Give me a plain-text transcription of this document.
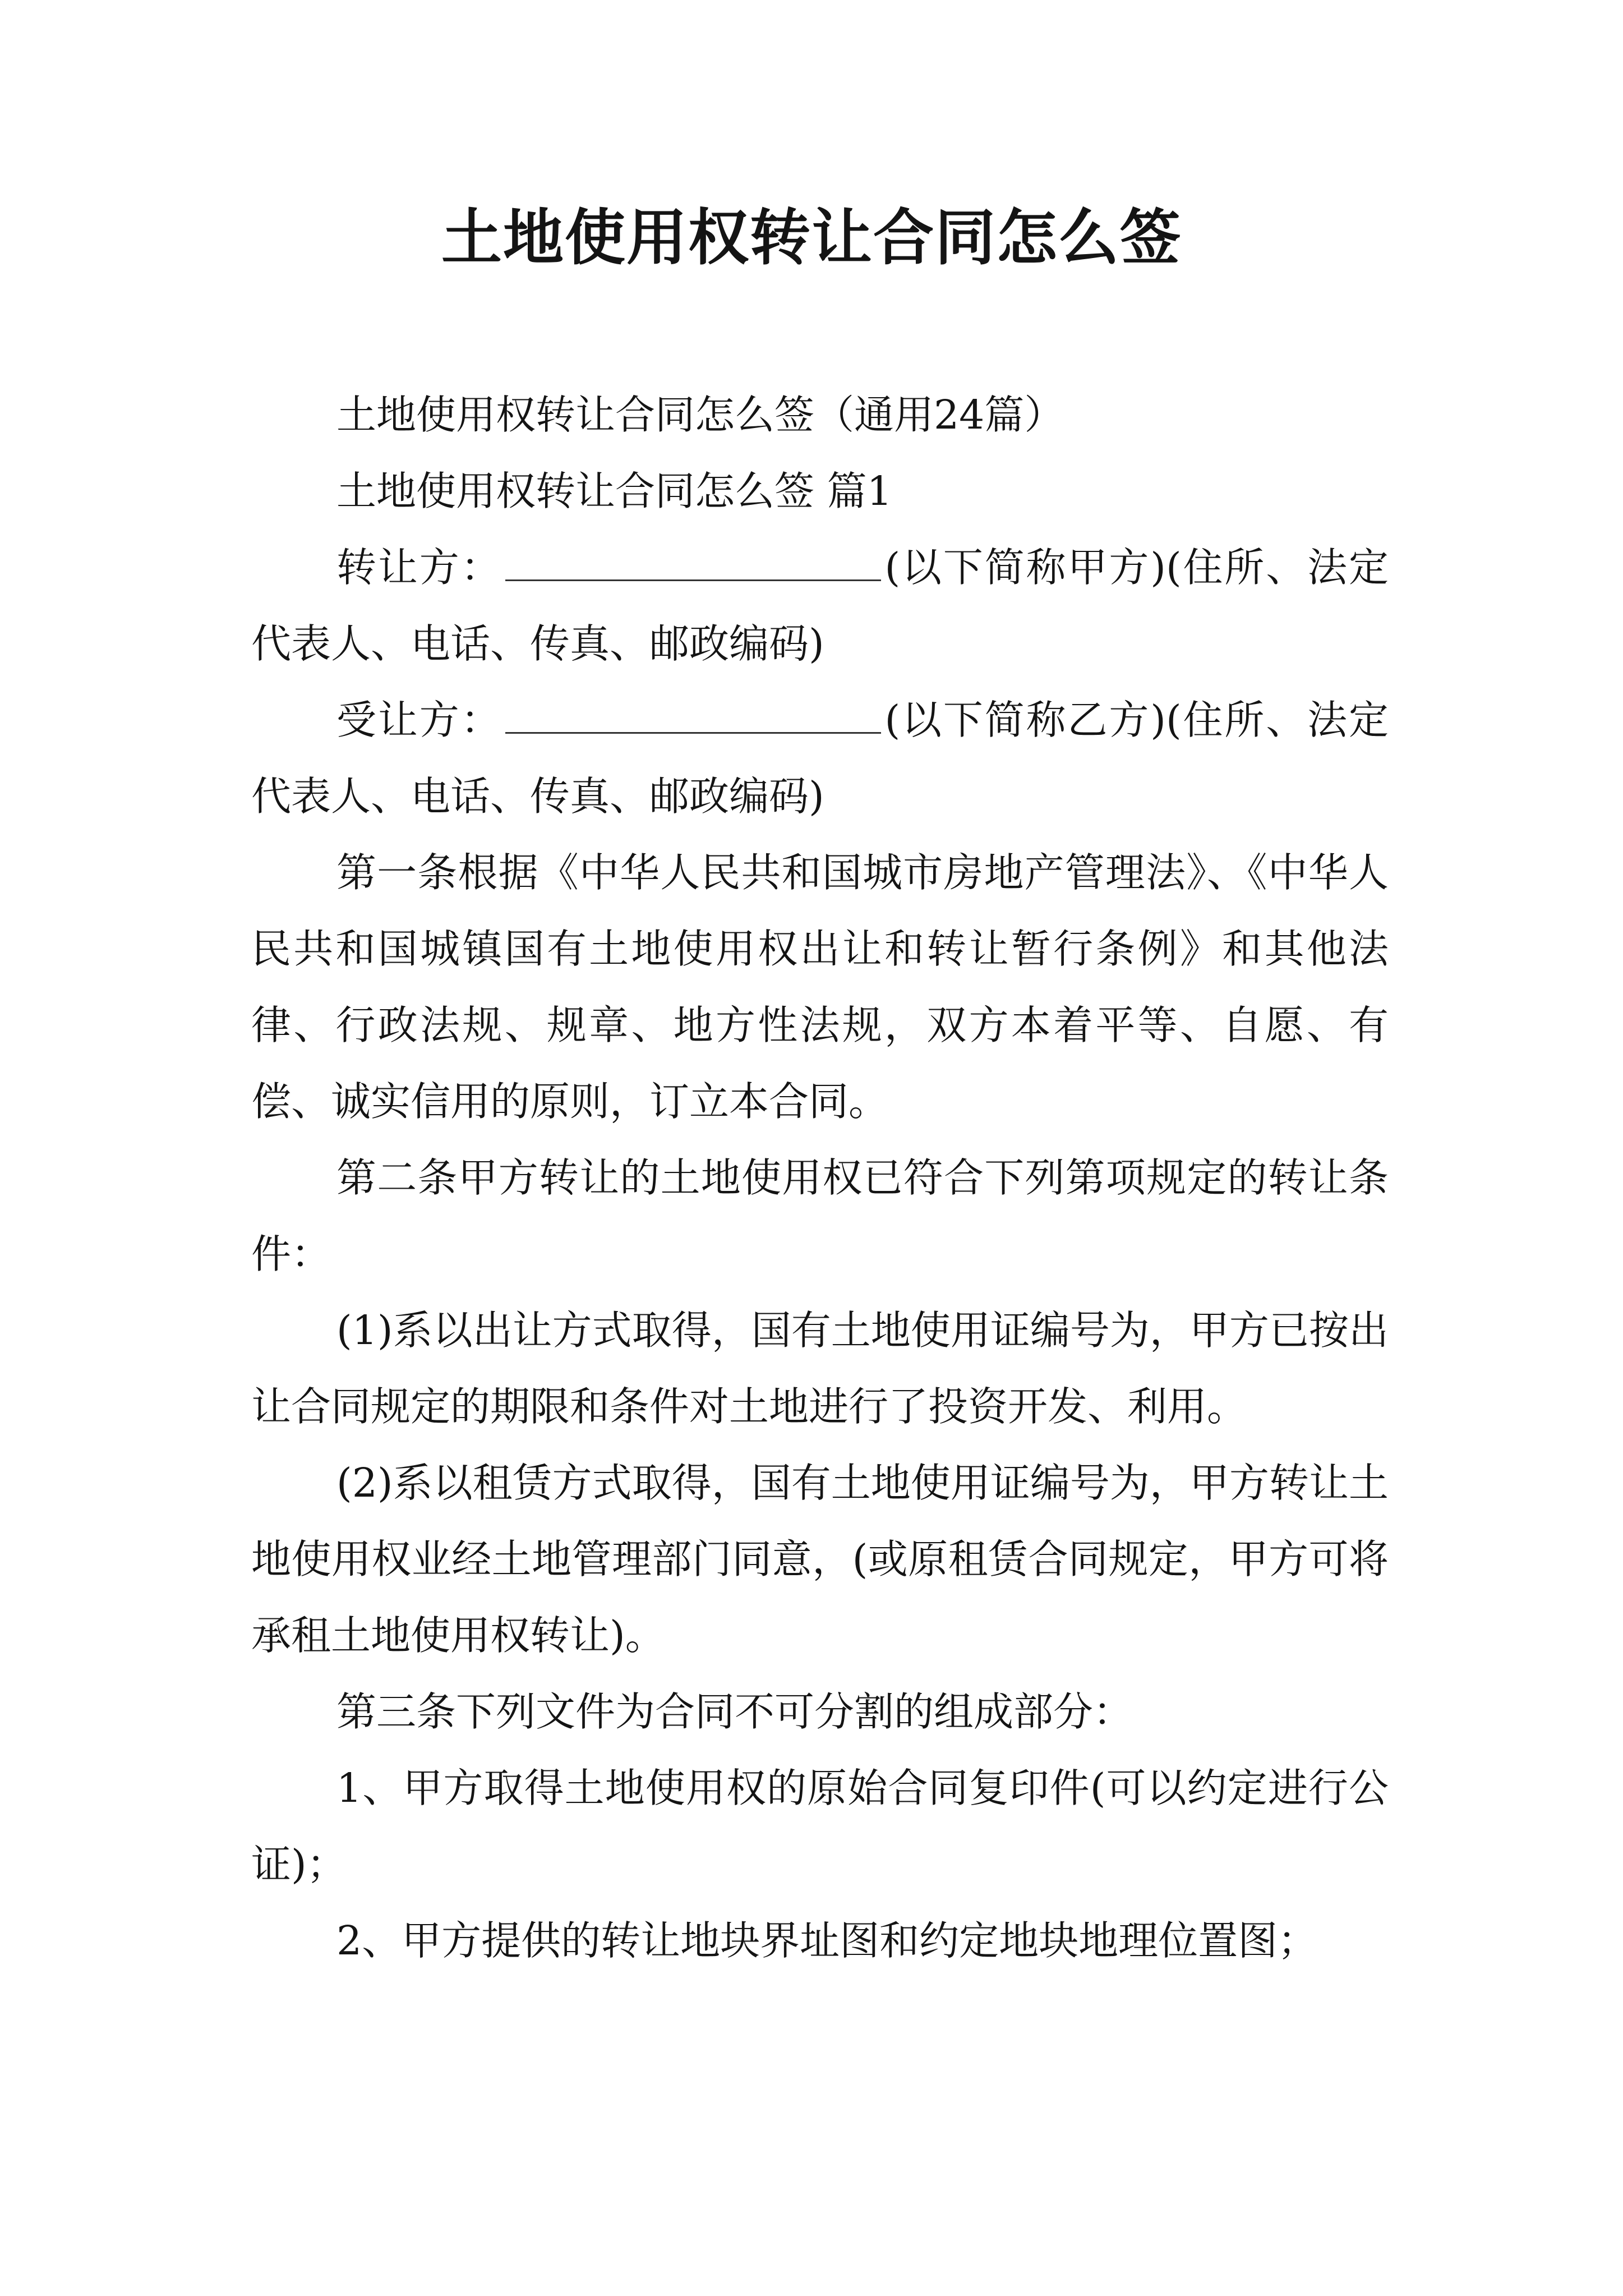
土地使用权转让合同怎么签

土地使用权转让合同怎么签（通用24篇）

土地使用权转让合同怎么签 篇1

转让方：	(以下简称甲方)(住所、法定代表人、电话、传真、邮政编码)

受让方：	(以下简称乙方)(住所、法定代表人、电话、传真、邮政编码)

第一条根据《中华人民共和国城市房地产管理法》、《中华人民共和国城镇国有土地使用权出让和转让暂行条例》和其他法律、行政法规、规章、地方性法规，双方本着平等、自愿、有偿、诚实信用的原则，订立本合同。

第二条甲方转让的土地使用权已符合下列第项规定的转让条件：

(1)系以出让方式取得，国有土地使用证编号为，甲方已按出让合同规定的期限和条件对土地进行了投资开发、利用。

(2)系以租赁方式取得，国有土地使用证编号为，甲方转让土地使用权业经土地管理部门同意，(或原租赁合同规定，甲方可将承租土地使用权转让)。

第三条下列文件为合同不可分割的组成部分：

1、甲方取得土地使用权的原始合同复印件(可以约定进行公证)；

2、甲方提供的转让地块界址图和约定地块地理位置图；
